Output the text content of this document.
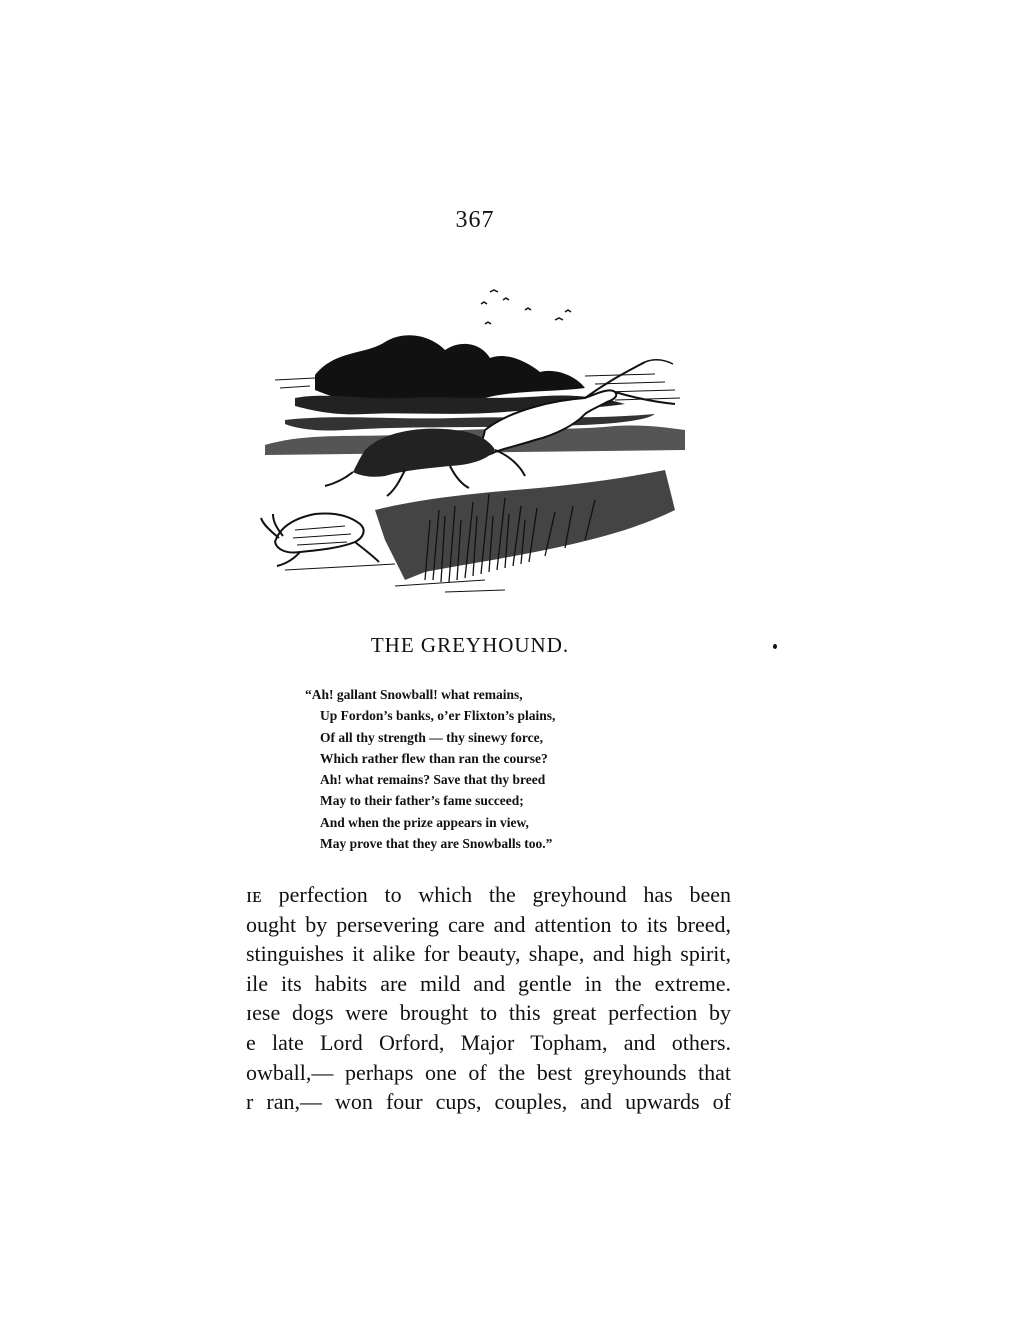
367
THE GREYHOUND.
“Ah! gallant Snowball! what remains,
Up Fordon’s banks, o’er Flixton’s plains,
Of all thy strength — thy sinewy force,
Which rather flew than ran the course?
Ah! what remains? Save that thy breed
May to their father’s fame succeed;
And when the prize appears in view,
May prove that they are Snowballs too.”
ɪᴇ perfection to which the greyhound has been
ought by persevering care and attention to its breed,
stinguishes it alike for beauty, shape, and high spirit,
ile its habits are mild and gentle in the extreme.
ɪese dogs were brought to this great perfection by
e late Lord Orford, Major Topham, and others.
owball,— perhaps one of the best greyhounds that
r ran,— won four cups, couples, and upwards of
